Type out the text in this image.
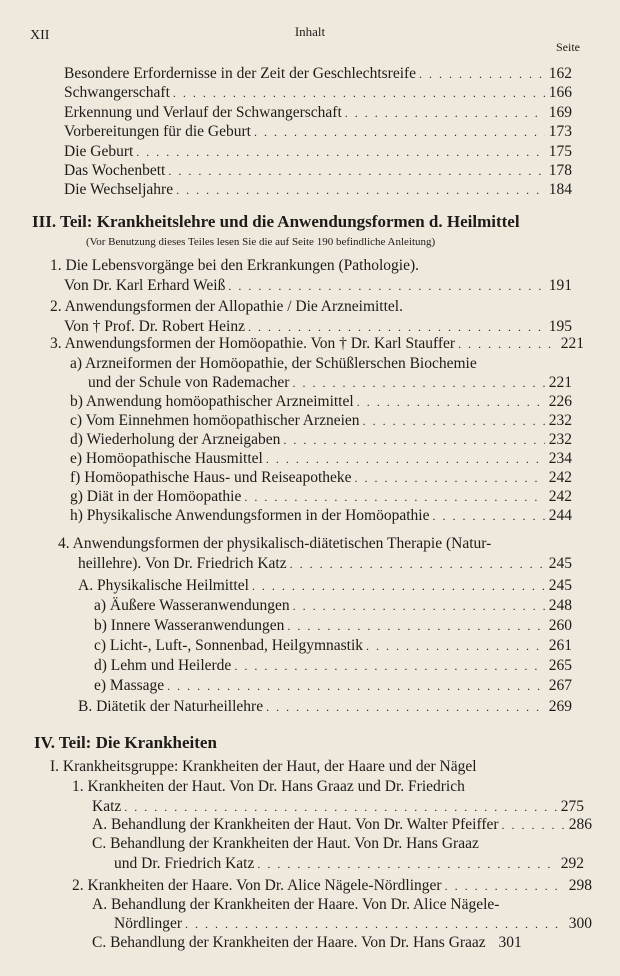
XII	Inhalt
Seite
Besondere Erfordernisse in der Zeit der Geschlechtsreife . . .	162
Schwangerschaft . . .	166
Erkennung und Verlauf der Schwangerschaft . . .	169
Vorbereitungen für die Geburt . . .	173
Die Geburt . . .	175
Das Wochenbett . . .	178
Die Wechseljahre . . .	184
III. Teil: Krankheitslehre und die Anwendungsformen d. Heilmittel
(Vor Benutzung dieses Teiles lesen Sie die auf Seite 190 befindliche Anleitung)
1. Die Lebensvorgänge bei den Erkrankungen (Pathologie).
Von Dr. Karl Erhard Weiß . . .	191
2. Anwendungsformen der Allopathie / Die Arzneimittel.
Von † Prof. Dr. Robert Heinz . . .	195
3. Anwendungsformen der Homöopathie. Von † Dr. Karl Stauffer . . .	221
a) Arzneiformen der Homöopathie, der Schüßlerschen Biochemie
und der Schule von Rademacher . . .	221
b) Anwendung homöopathischer Arzneimittel . . .	226
c) Vom Einnehmen homöopathischer Arzneien . . .	232
d) Wiederholung der Arzneigaben . . .	232
e) Homöopathische Hausmittel . . .	234
f) Homöopathische Haus- und Reiseapotheke . . .	242
g) Diät in der Homöopathie . . .	242
h) Physikalische Anwendungsformen in der Homöopathie . . .	244
4. Anwendungsformen der physikalisch-diätetischen Therapie (Natur-
heillehre). Von Dr. Friedrich Katz . . .	245
A. Physikalische Heilmittel . . .	245
a) Äußere Wasseranwendungen . . .	248
b) Innere Wasseranwendungen . . .	260
c) Licht-, Luft-, Sonnenbad, Heilgymnastik . . .	261
d) Lehm und Heilerde . . .	265
e) Massage . . .	267
B. Diätetik der Naturheillehre . . .	269
IV. Teil: Die Krankheiten
I. Krankheitsgruppe: Krankheiten der Haut, der Haare und der Nägel
1. Krankheiten der Haut. Von Dr. Hans Graaz und Dr. Friedrich
Katz . . .	275
A. Behandlung der Krankheiten der Haut. Von Dr. Walter Pfeiffer . . .	286
C. Behandlung der Krankheiten der Haut. Von Dr. Hans Graaz
und Dr. Friedrich Katz . . .	292
2. Krankheiten der Haare. Von Dr. Alice Nägele-Nördlinger . . .	298
A. Behandlung der Krankheiten der Haare. Von Dr. Alice Nägele-
Nördlinger . . .	300
C. Behandlung der Krankheiten der Haare. Von Dr. Hans Graaz 301
